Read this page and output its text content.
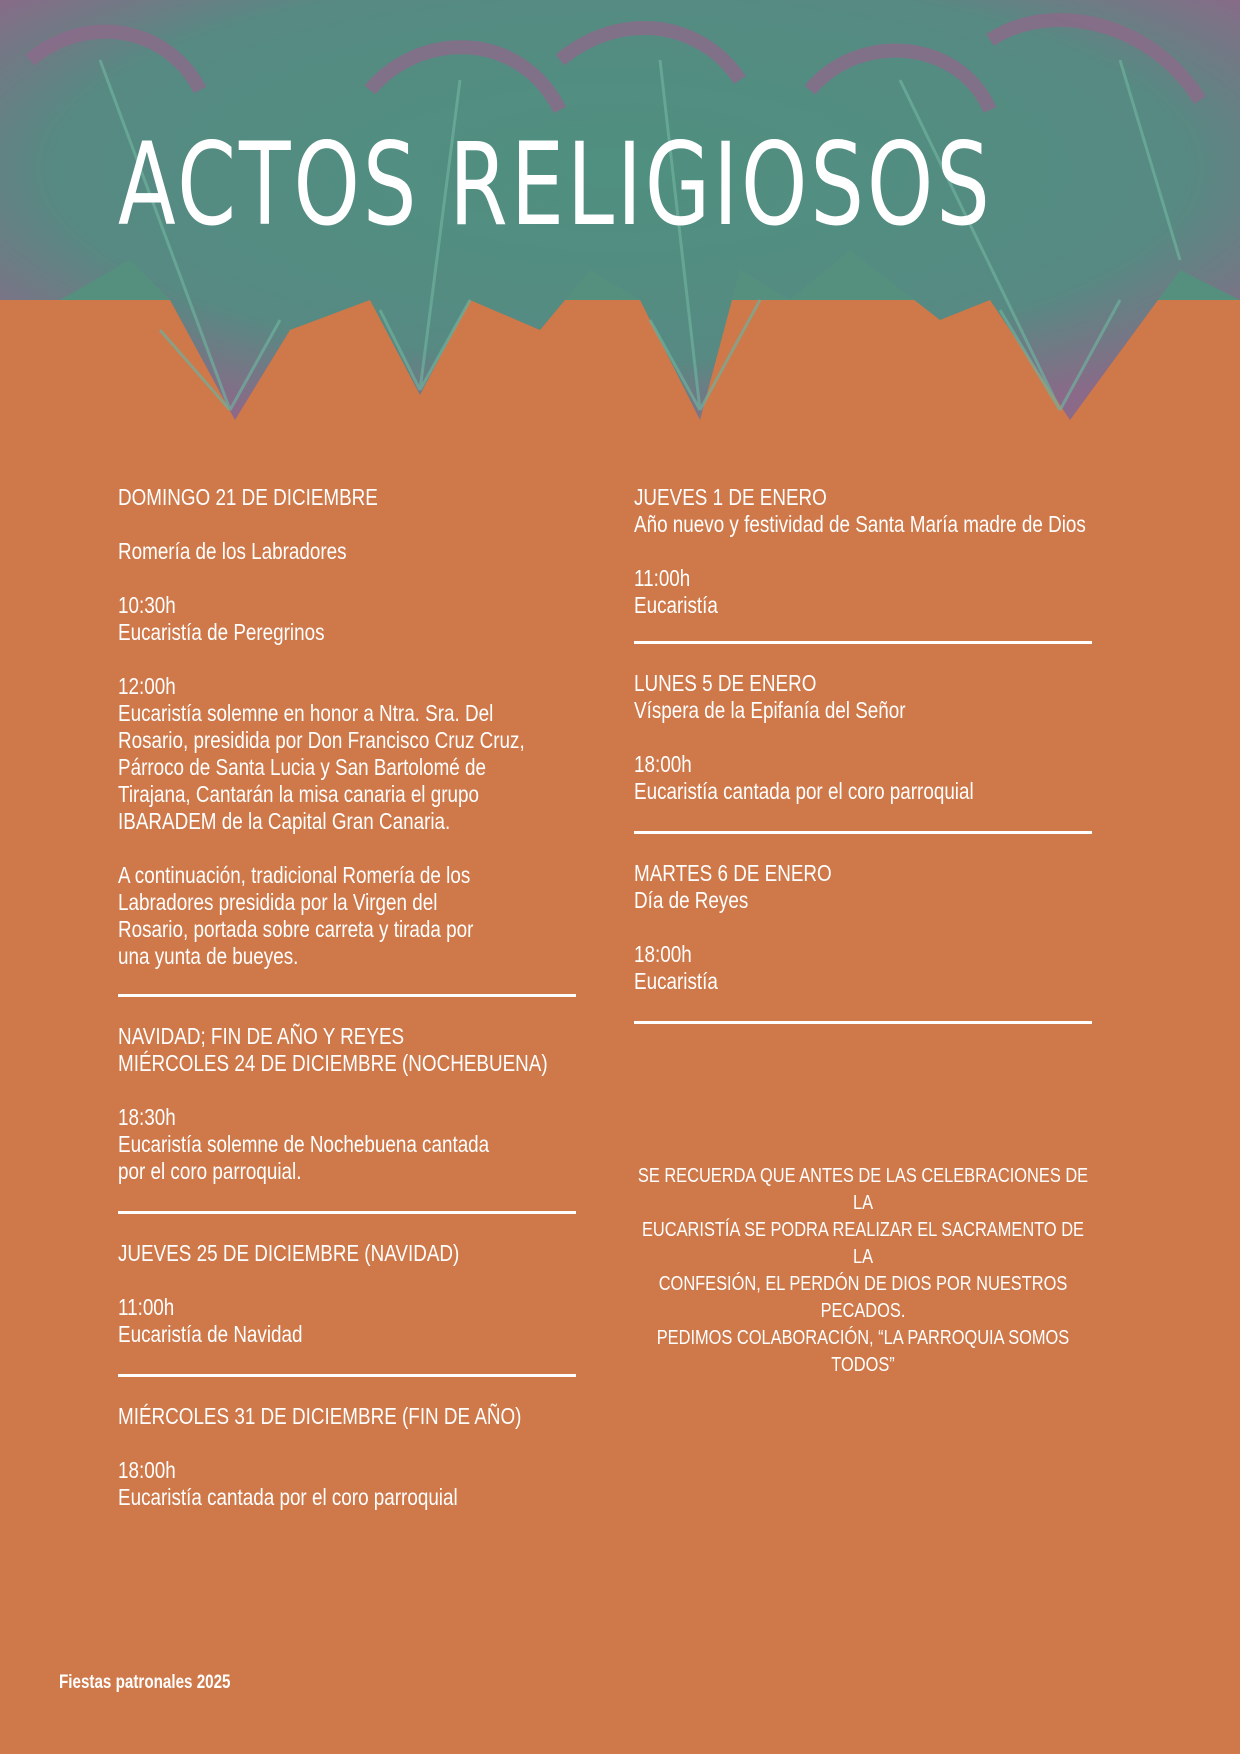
ACTOS RELIGIOSOS

DOMINGO 21 DE DICIEMBRE

Romería de los Labradores

10:30h

Eucaristía de Peregrinos

12:00h

Eucaristía solemne en honor a Ntra. Sra. Del Rosario, presidida por Don Francisco Cruz Cruz, Párroco de Santa Lucia y San Bartolomé de Tirajana, Cantarán la misa canaria el grupo IBARADEM de la Capital Gran Canaria.

A continuación, tradicional Romería de los Labradores presidida por la Virgen del Rosario, portada sobre carreta y tirada por una yunta de bueyes.

NAVIDAD; FIN DE AÑO Y REYES

MIÉRCOLES 24 DE DICIEMBRE (NOCHEBUENA)

18:30h

Eucaristía solemne de Nochebuena cantada por el coro parroquial.

JUEVES 25 DE DICIEMBRE (NAVIDAD)

11:00h

Eucaristía de Navidad

MIÉRCOLES 31 DE DICIEMBRE (FIN DE AÑO)

18:00h

Eucaristía cantada por el coro parroquial

JUEVES 1 DE ENERO

Año nuevo y festividad de Santa María madre de Dios

11:00h

Eucaristía

LUNES 5 DE ENERO

Víspera de la Epifanía del Señor

18:00h

Eucaristía cantada por el coro parroquial

MARTES 6 DE ENERO

Día de Reyes

18:00h

Eucaristía

SE RECUERDA QUE ANTES DE LAS CELEBRACIONES DE LA

EUCARISTÍA SE PODRA REALIZAR EL SACRAMENTO DE LA

CONFESIÓN, EL PERDÓN DE DIOS POR NUESTROS PECADOS.

PEDIMOS COLABORACIÓN, “LA PARROQUIA SOMOS TODOS”

Fiestas patronales 2025
